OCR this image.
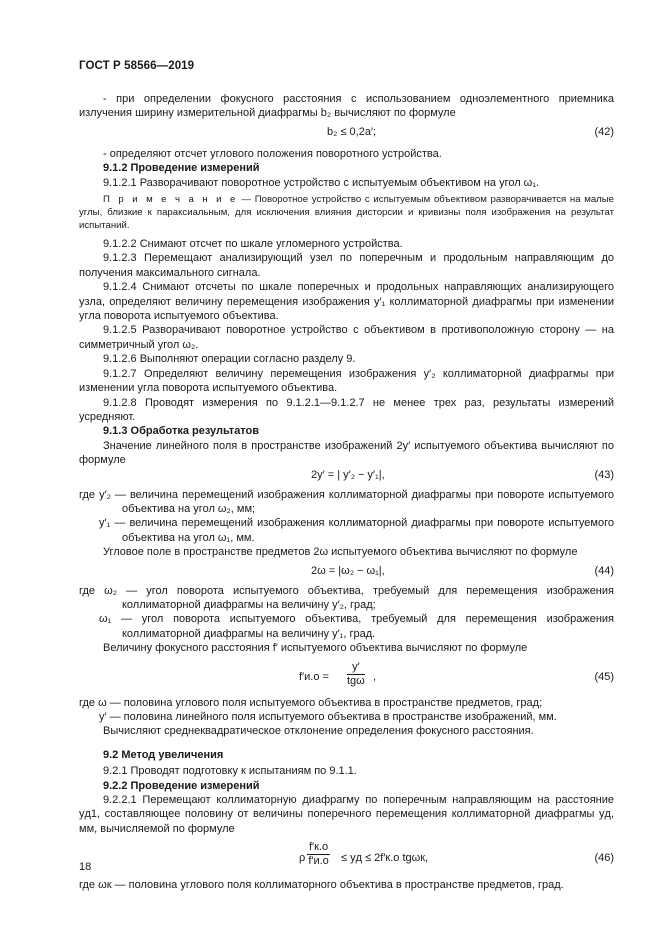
ГОСТ Р 58566—2019

- при определении фокусного расстояния с использованием одноэлементного приемника излучения ширину измерительной диафрагмы b₂ вычисляют по формуле

b₂ ≤ 0,2a′;	(42)

- определяют отсчет углового положения поворотного устройства.

9.1.2 Проведение измерений

9.1.2.1 Разворачивают поворотное устройство с испытуемым объективом на угол ω₁.

П р и м е ч а н и е — Поворотное устройство с испытуемым объективом разворачивается на малые углы, близкие к параксиальным, для исключения влияния дисторсии и кривизны поля изображения на результат испытаний.

9.1.2.2 Снимают отсчет по шкале угломерного устройства.

9.1.2.3 Перемещают анализирующий узел по поперечным и продольным направляющим до получения максимального сигнала.

9.1.2.4 Снимают отсчеты по шкале поперечных и продольных направляющих анализирующего узла, определяют величину перемещения изображения y′₁ коллиматорной диафрагмы при изменении угла поворота испытуемого объектива.

9.1.2.5 Разворачивают поворотное устройство с объективом в противоположную сторону — на симметричный угол ω₂.

9.1.2.6 Выполняют операции согласно разделу 9.

9.1.2.7 Определяют величину перемещения изображения y′₂ коллиматорной диафрагмы при изменении угла поворота испытуемого объектива.

9.1.2.8 Проводят измерения по 9.1.2.1—9.1.2.7 не менее трех раз, результаты измерений усредняют.

9.1.3 Обработка результатов

Значение линейного поля в пространстве изображений 2y′ испытуемого объектива вычисляют по формуле

2y′ = | y′₂ − y′₁|,	(43)

где y′₂ — величина перемещений изображения коллиматорной диафрагмы при повороте испытуемого объектива на угол ω₂, мм;

y′₁ — величина перемещений изображения коллиматорной диафрагмы при повороте испытуемого объектива на угол ω₁, мм.

Угловое поле в пространстве предметов 2ω испытуемого объектива вычисляют по формуле

2ω = |ω₂ − ω₁|,	(44)

где ω₂ — угол поворота испытуемого объектива, требуемый для перемещения изображения коллиматорной диафрагмы на величину y′₂, град;

ω₁ — угол поворота испытуемого объектива, требуемый для перемещения изображения коллиматорной диафрагмы на величину y′₁, град.

Величину фокусного расстояния f′ испытуемого объектива вычисляют по формуле

f′и.о =
y′
tgω ,	(45)

где ω — половина углового поля испытуемого объектива в пространстве предметов, град;

y′ — половина линейного поля испытуемого объектива в пространстве изображений, мм.

Вычисляют среднеквадратическое отклонение определения фокусного расстояния.

9.2 Метод увеличения

9.2.1 Проводят подготовку к испытаниям по 9.1.1.

9.2.2 Проведение измерений

9.2.2.1 Перемещают коллиматорную диафрагму по поперечным направляющим на расстояние yд1, составляющее половину от величины поперечного перемещения коллиматорной диафрагмы yд, мм, вычисляемой по формуле

ρ
f′к.о
f′и.о ≤ yд ≤ 2f′к.о tgωк,	(46)

где ωк — половина углового поля коллиматорного объектива в пространстве предметов, град.

18
